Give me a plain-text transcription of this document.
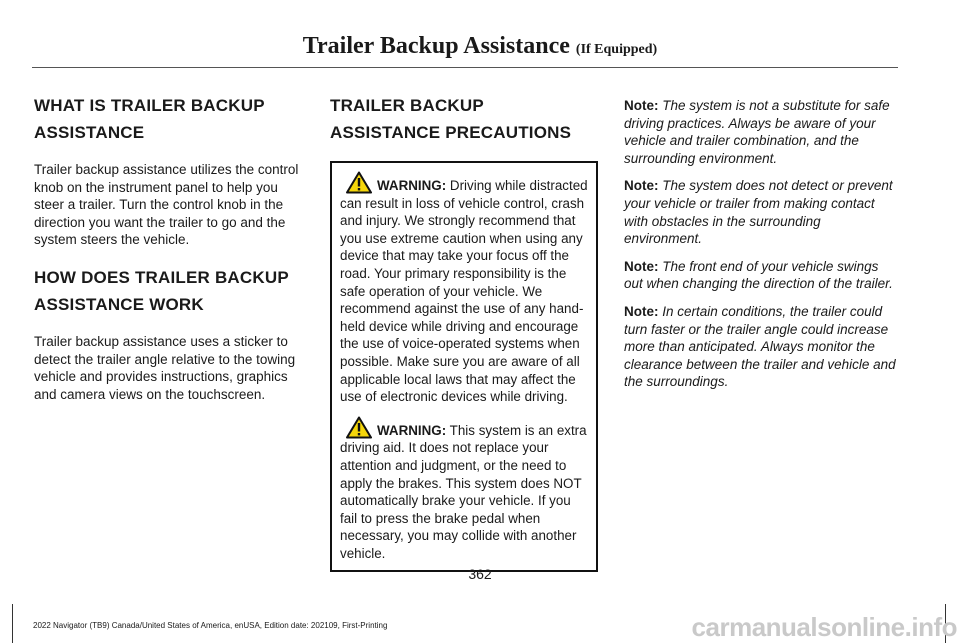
Trailer Backup Assistance (If Equipped)
WHAT IS TRAILER BACKUP ASSISTANCE

Trailer backup assistance utilizes the control knob on the instrument panel to help you steer a trailer. Turn the control knob in the direction you want the trailer to go and the system steers the vehicle.

HOW DOES TRAILER BACKUP ASSISTANCE WORK

Trailer backup assistance uses a sticker to detect the trailer angle relative to the towing vehicle and provides instructions, graphics and camera views on the touchscreen.

TRAILER BACKUP ASSISTANCE PRECAUTIONS
WARNING: Driving while distracted can result in loss of vehicle control, crash and injury. We strongly recommend that you use extreme caution when using any device that may take your focus off the road. Your primary responsibility is the safe operation of your vehicle. We recommend against the use of any hand-held device while driving and encourage the use of voice-operated systems when possible. Make sure you are aware of all applicable local laws that may affect the use of electronic devices while driving.
WARNING: This system is an extra driving aid. It does not replace your attention and judgment, or the need to apply the brakes. This system does NOT automatically brake your vehicle. If you fail to press the brake pedal when necessary, you may collide with another vehicle.

Note: The system is not a substitute for safe driving practices. Always be aware of your vehicle and trailer combination, and the surrounding environment.

Note: The system does not detect or prevent your vehicle or trailer from making contact with obstacles in the surrounding environment.

Note: The front end of your vehicle swings out when changing the direction of the trailer.

Note: In certain conditions, the trailer could turn faster or the trailer angle could increase more than anticipated. Always monitor the clearance between the trailer and vehicle and the surroundings.

362
2022 Navigator (TB9) Canada/United States of America, enUSA, Edition date: 202109, First-Printing	carmanualsonline.info
